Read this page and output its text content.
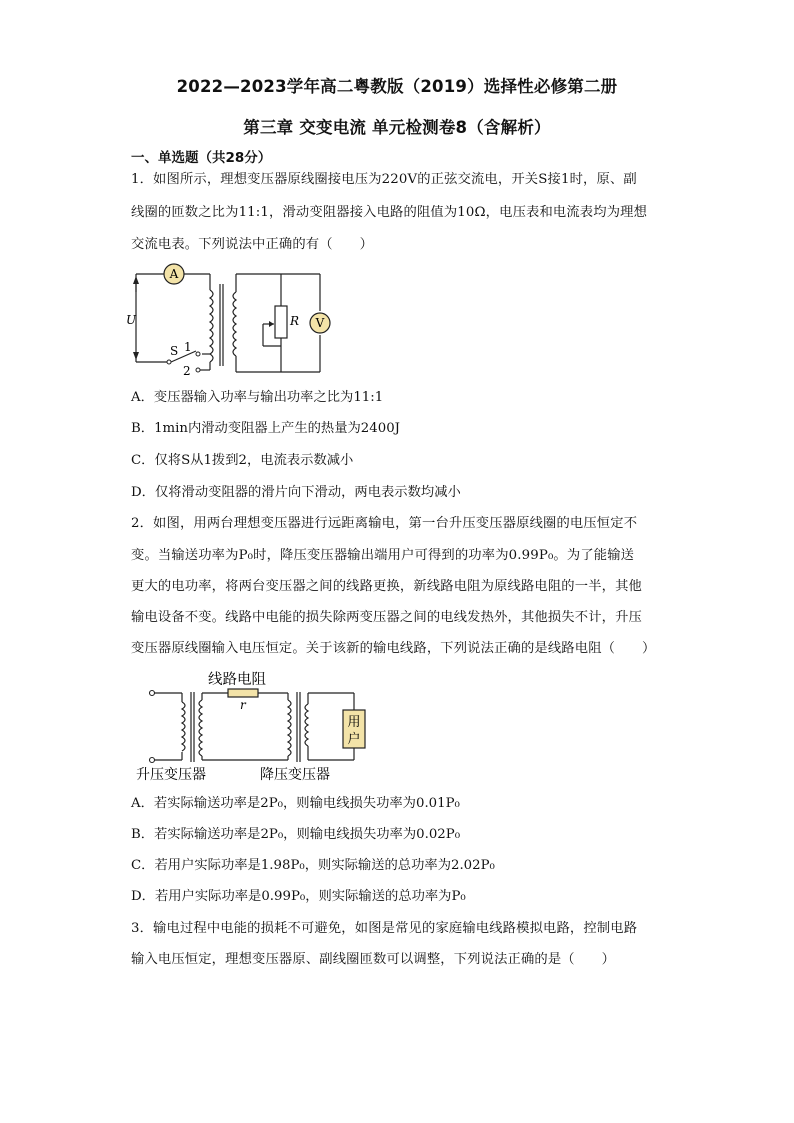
2022—2023学年高二粤教版（2019）选择性必修第二册
第三章 交变电流 单元检测卷8（含解析）
一、单选题（共28分）
1．如图所示，理想变压器原线圈接电压为220V的正弦交流电，开关S接1时，原、副
线圈的匝数之比为11:1，滑动变阻器接入电路的阻值为10Ω，电压表和电流表均为理想
交流电表。下列说法中正确的有（　　）
A
V
U	R
S 1
2
A．变压器输入功率与输出功率之比为11:1
B．1min内滑动变阻器上产生的热量为2400J
C．仅将S从1拨到2，电流表示数减小
D．仅将滑动变阻器的滑片向下滑动，两电表示数均减小
2．如图，用两台理想变压器进行远距离输电，第一台升压变压器原线圈的电压恒定不
变。当输送功率为P₀时，降压变压器输出端用户可得到的功率为0.99P₀。为了能输送
更大的电功率，将两台变压器之间的线路更换，新线路电阻为原线路电阻的一半，其他
输电设备不变。线路中电能的损失除两变压器之间的电线发热外，其他损失不计，升压
变压器原线圈输入电压恒定。关于该新的输电线路，下列说法正确的是线路电阻（　　）
线路电阻
r
用
户
升压变压器	降压变压器
A．若实际输送功率是2P₀，则输电线损失功率为0.01P₀
B．若实际输送功率是2P₀，则输电线损失功率为0.02P₀
C．若用户实际功率是1.98P₀，则实际输送的总功率为2.02P₀
D．若用户实际功率是0.99P₀，则实际输送的总功率为P₀
3．输电过程中电能的损耗不可避免，如图是常见的家庭输电线路模拟电路，控制电路
输入电压恒定，理想变压器原、副线圈匝数可以调整，下列说法正确的是（　　）
